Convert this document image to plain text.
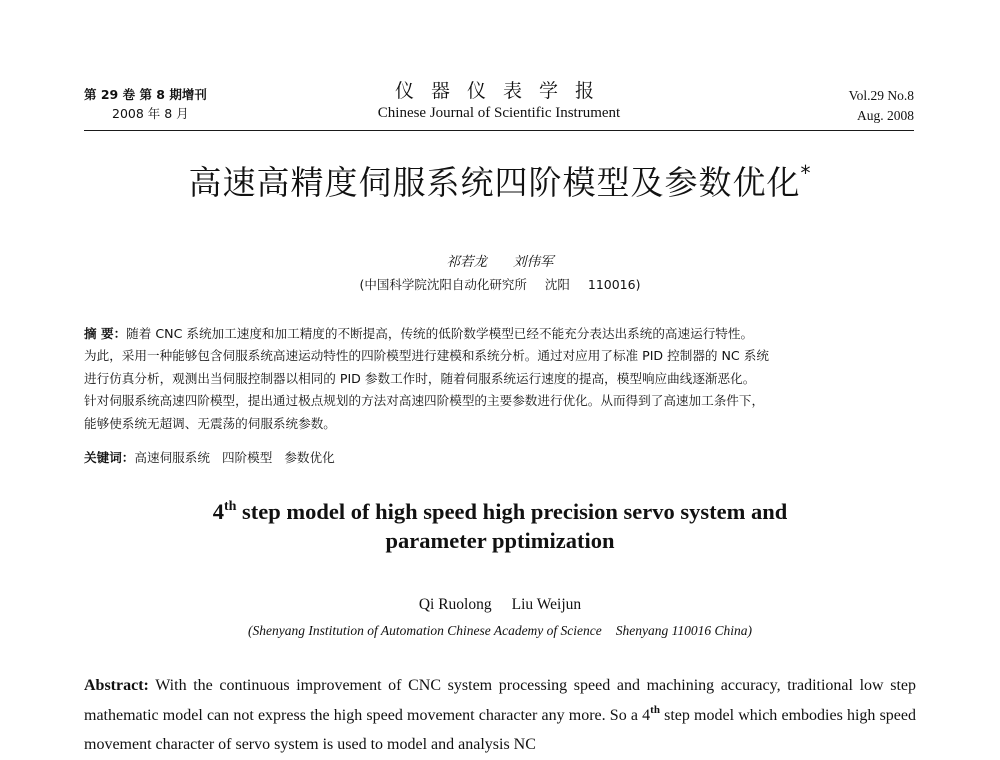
第 29 卷 第 8 期增刊
2008 年 8 月
仪器仪表学报
Chinese Journal of Scientific Instrument
Vol.29 No.8
Aug. 2008
高速高精度伺服系统四阶模型及参数优化*
祁若龙 刘伟军
(中国科学院沈阳自动化研究所 沈阳 110016)
摘 要：随着 CNC 系统加工速度和加工精度的不断提高，传统的低阶数学模型已经不能充分表达出系统的高速运行特性。
为此，采用一种能够包含伺服系统高速运动特性的四阶模型进行建模和系统分析。通过对应用了标准 PID 控制器的 NC 系统
进行仿真分析，观测出当伺服控制器以相同的 PID 参数工作时，随着伺服系统运行速度的提高，模型响应曲线逐渐恶化。
针对伺服系统高速四阶模型，提出通过极点规划的方法对高速四阶模型的主要参数进行优化。从而得到了高速加工条件下，
能够使系统无超调、无震荡的伺服系统参数。
关键词：高速伺服系统 四阶模型 参数优化
4th step model of high speed high precision servo system and
parameter pptimization
Qi Ruolong Liu Weijun
(Shenyang Institution of Automation Chinese Academy of Science Shenyang 110016 China)
Abstract: With the continuous improvement of CNC system processing speed and machining accuracy, traditional low step mathematic model can not express the high speed movement character any more. So a 4th step model which embodies high speed movement character of servo system is used to model and analysis NC
